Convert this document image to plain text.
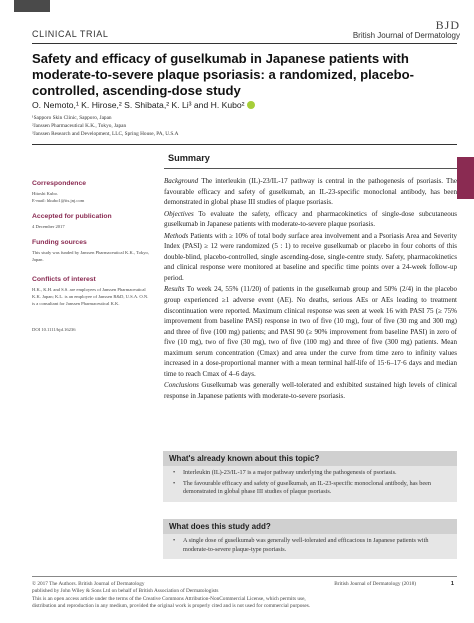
CLINICAL TRIAL
BJD
British Journal of Dermatology
Safety and efficacy of guselkumab in Japanese patients with moderate-to-severe plaque psoriasis: a randomized, placebo-controlled, ascending-dose study
O. Nemoto,¹ K. Hirose,² S. Shibata,² K. Li³ and H. Kubo²
¹Sapporo Skin Clinic, Sapporo, Japan
²Janssen Pharmaceutical K.K., Tokyo, Japan
³Janssen Research and Development, LLC, Spring House, PA, U.S.A
Summary
Correspondence
Hitoshi Kubo.
E-mail: hkubo1@its.jnj.com
Accepted for publication
4 December 2017
Funding sources
This study was funded by Janssen Pharmaceutical K.K., Tokyo, Japan.
Conflicts of interest
H.K., K.H. and S.S. are employees of Janssen Pharmaceutical K.K. Japan; K.L. is an employee of Janssen R&D, U.S.A. O.N. is a consultant for Janssen Pharmaceutical K.K.
DOI 10.1111/bjd.16236

Background The interleukin (IL)-23/IL-17 pathway is central in the pathogenesis of psoriasis. The favourable efficacy and safety of guselkumab, an IL-23-specific monoclonal antibody, has been demonstrated in global phase III studies of plaque psoriasis.

Objectives To evaluate the safety, efficacy and pharmacokinetics of single-dose subcutaneous guselkumab in Japanese patients with moderate-to-severe plaque psoriasis.

Methods Patients with ≥ 10% of total body surface area involvement and a Psoriasis Area and Severity Index (PASI) ≥ 12 were randomized (5 : 1) to receive guselkumab or placebo in four cohorts of this double-blind, placebo-controlled, single ascending-dose, single-centre study. Safety, pharmacokinetics and clinical response were monitored at baseline and specific time points over a 24-week follow-up period.

Results To week 24, 55% (11/20) of patients in the guselkumab group and 50% (2/4) in the placebo group experienced ≥1 adverse event (AE). No deaths, serious AEs or AEs leading to treatment discontinuation were reported. Maximum clinical response was seen at week 16 with PASI 75 (≥ 75% improvement from baseline PASI) response in two of five (10 mg), four of five (30 mg and 300 mg) and three of five (100 mg) patients; and PASI 90 (≥ 90% improvement from baseline PASI) in zero of five (10 mg), two of five (30 mg), two of five (100 mg) and three of five (300 mg) patients. Mean maximum serum concentration (Cmax) and area under the curve from time zero to infinity values increased in a dose-proportional manner with a mean terminal half-life of 15·6–17·6 days and median time to reach Cmax of 4–6 days.

Conclusions Guselkumab was generally well-tolerated and exhibited sustained high levels of clinical response in Japanese patients with moderate-to-severe psoriasis.

What's already known about this topic?
• Interleukin (IL)-23/IL-17 is a major pathway underlying the pathogenesis of psoriasis.
• The favourable efficacy and safety of guselkumab, an IL-23-specific monoclonal antibody, has been demonstrated in global phase III studies of plaque psoriasis.
What does this study add?
• A single dose of guselkumab was generally well-tolerated and efficacious in Japanese patients with moderate-to-severe plaque-type psoriasis.
© 2017 The Authors. British Journal of Dermatology
published by John Wiley & Sons Ltd on behalf of British Association of Dermatologists
This is an open access article under the terms of the Creative Commons Attribution-NonCommercial License, which permits use,
distribution and reproduction in any medium, provided the original work is properly cited and is not used for commercial purposes.
British Journal of Dermatology (2018)	1
